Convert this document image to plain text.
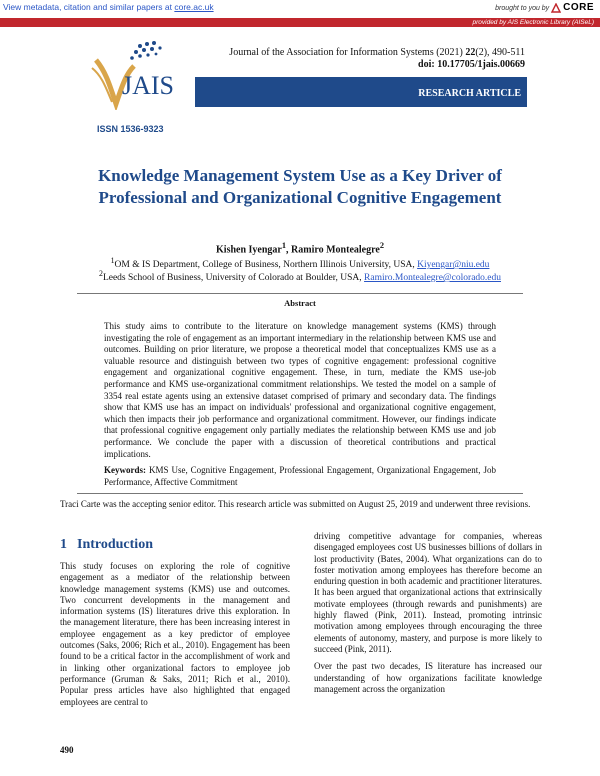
View metadata, citation and similar papers at core.ac.uk	brought to you by CORE
provided by AIS Electronic Library (AISeL)
JAIS
ISSN 1536-9323
Journal of the Association for Information Systems (2021) 22(2), 490-511
doi: 10.17705/1jais.00669
RESEARCH ARTICLE
Knowledge Management System Use as a Key Driver of
Professional and Organizational Cognitive Engagement
Kishen Iyengar$^1$, Ramiro Montealegre$^2$
$^1$OM & IS Department, College of Business, Northern Illinois University, USA, Kiyengar@niu.edu
$^2$Leeds School of Business, University of Colorado at Boulder, USA, Ramiro.Montealegre@colorado.edu
Abstract
This study aims to contribute to the literature on knowledge management systems (KMS) through investigating the role of engagement as an important intermediary in the relationship between KMS use and outcomes. Building on prior literature, we propose a theoretical model that conceptualizes KMS use as a valuable resource and distinguish between two types of cognitive engagement: professional cognitive engagement and organizational cognitive engagement. These, in turn, mediate the KMS use-job performance and KMS use-organizational commitment relationships. We tested the model on a sample of 3354 real estate agents using an extensive dataset comprised of primary and secondary data. The findings show that KMS use has an impact on individuals' professional and organizational cognitive engagement, which then impacts their job performance and organizational commitment. However, our findings indicate that professional cognitive engagement only partially mediates the relationship between KMS use and job performance. We conclude the paper with a discussion of theoretical contributions and practical implications.
Keywords: KMS Use, Cognitive Engagement, Professional Engagement, Organizational Engagement, Job Performance, Affective Commitment
Traci Carte was the accepting senior editor. This research article was submitted on August 25, 2019 and underwent three revisions.
1 Introduction

This study focuses on exploring the role of cognitive engagement as a mediator of the relationship between knowledge management systems (KMS) use and outcomes. Two concurrent developments in the management and information systems (IS) literatures drive this exploration. In the management literature, there has been increasing interest in employee engagement as a key predictor of employee outcomes (Saks, 2006; Rich et al., 2010). Engagement has been found to be a critical factor in the accomplishment of work and in linking other organizational factors to employee job performance (Gruman & Saks, 2011; Rich et al., 2010). Popular press articles have also highlighted that engaged employees are central to

driving competitive advantage for companies, whereas disengaged employees cost US businesses billions of dollars in lost productivity (Bates, 2004). What organizations can do to foster motivation among employees has therefore become an enduring question in both academic and practitioner literatures. It has been argued that organizational actions that extrinsically motivate employees (through rewards and punishments) are highly flawed (Pink, 2011). Instead, promoting intrinsic motivation among employees through encouraging the three elements of autonomy, mastery, and purpose is more likely to succeed (Pink, 2011).

Over the past two decades, IS literature has increased our understanding of how organizations facilitate knowledge management across the organization

490
